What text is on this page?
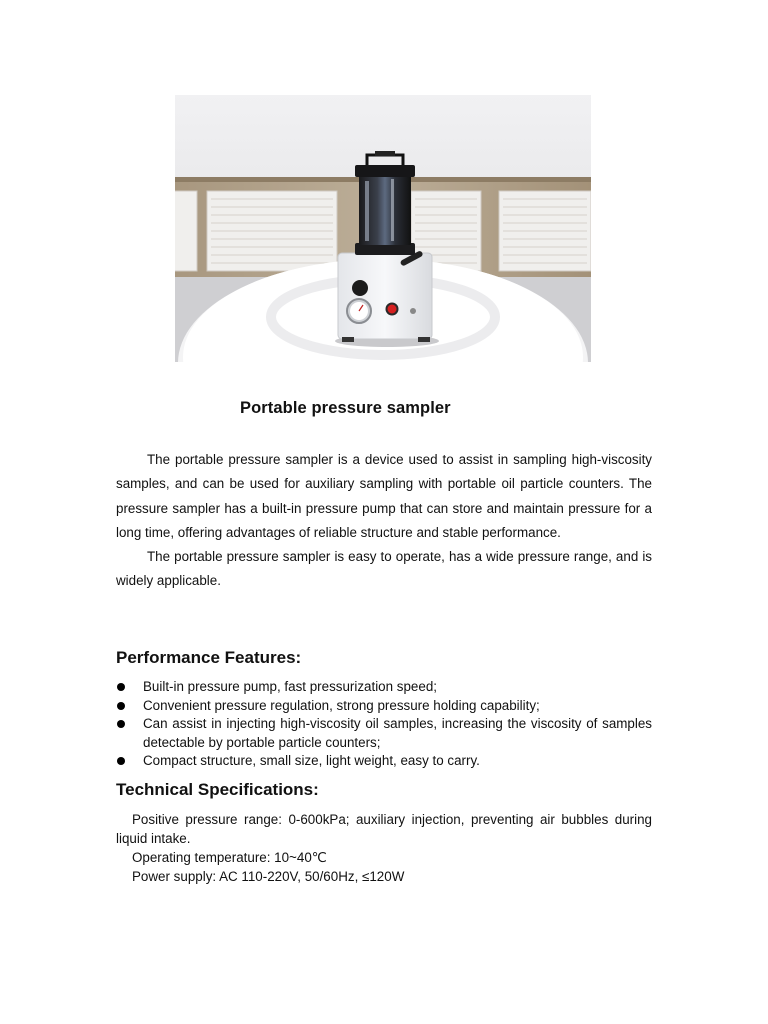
Portable pressure sampler

The portable pressure sampler is a device used to assist in sampling high-viscosity samples, and can be used for auxiliary sampling with portable oil particle counters. The pressure sampler has a built-in pressure pump that can store and maintain pressure for a long time, offering advantages of reliable structure and stable performance.

The portable pressure sampler is easy to operate, has a wide pressure range, and is widely applicable.

Performance Features:
Built-in pressure pump, fast pressurization speed;
Convenient pressure regulation, strong pressure holding capability;
Can assist in injecting high-viscosity oil samples, increasing the viscosity of samples detectable by portable particle counters;
Compact structure, small size, light weight, easy to carry.
Technical Specifications:

Positive pressure range: 0-600kPa; auxiliary injection, preventing air bubbles during liquid intake.

Operating temperature: 10~40℃

Power supply: AC 110-220V, 50/60Hz, ≤120W
